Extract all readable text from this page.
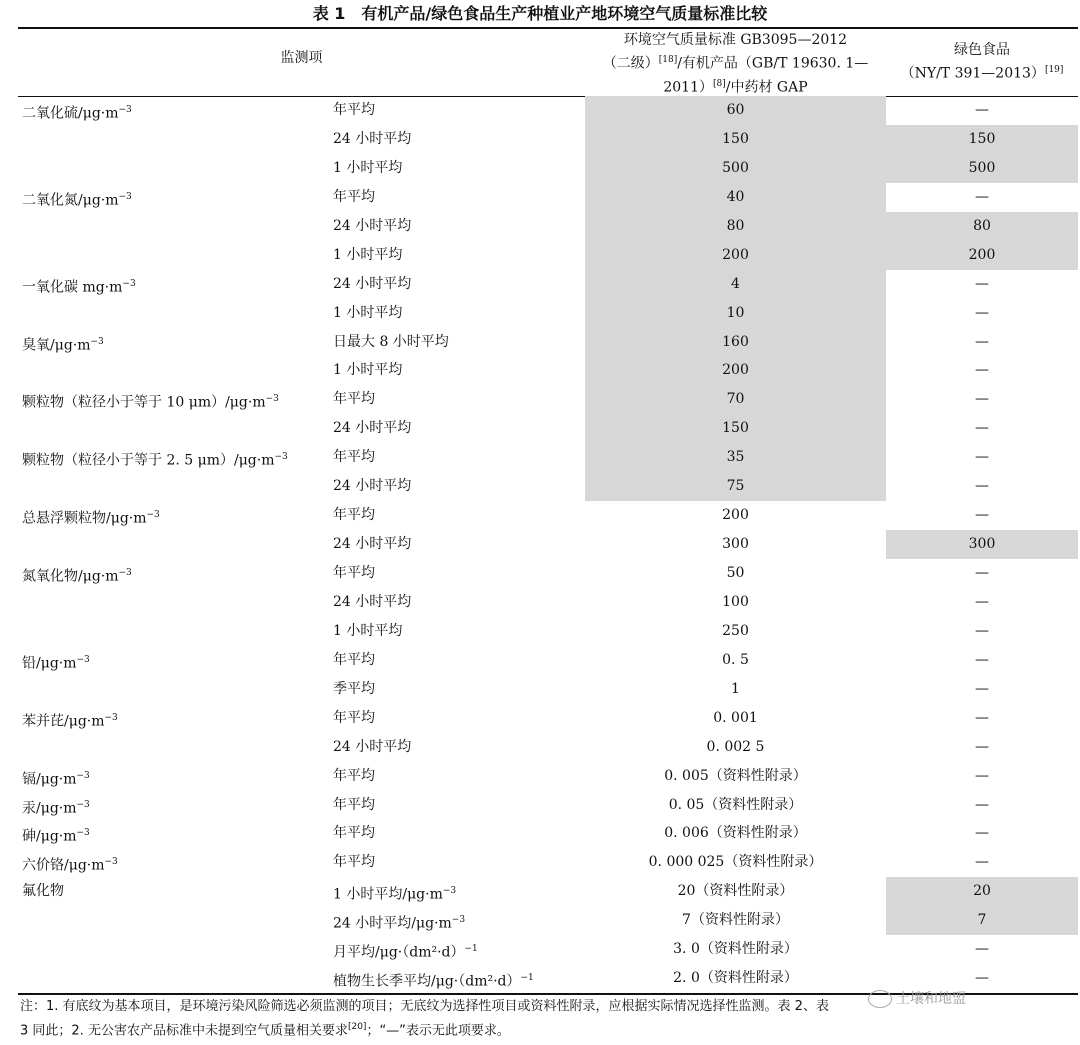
表 1　有机产品/绿色食品生产种植业产地环境空气质量标准比较
监测项
环境空气质量标准 GB3095—2012
（二级）[18]/有机产品（GB/T 19630. 1—
2011）[8]/中药材 GAP
绿色食品
（NY/T 391—2013）[19]
二氧化硫$/\mu g\cdot m^{-3}$	年平均	60	—
24 小时平均	150	150
1 小时平均	500	500
二氧化氮$/\mu g\cdot m^{-3}$	年平均	40	—
24 小时平均	80	80
1 小时平均	200	200
一氧化碳 $mg\cdot m^{-3}$	24 小时平均	4	—
1 小时平均	10	—
臭氧$/\mu g\cdot m^{-3}$	日最大 8 小时平均	160	—
1 小时平均	200	—
颗粒物（粒径小于等于 10 $\mu m)/\mu g\cdot m^{-3}$	年平均	70	—
24 小时平均	150	—
颗粒物（粒径小于等于 2. 5 $\mu m)/\mu g\cdot m^{-3}$	年平均	35	—
24 小时平均	75	—
总悬浮颗粒物$/\mu g\cdot m^{-3}$	年平均	200	—
24 小时平均	300	300
氮氧化物$/\mu g\cdot m^{-3}$	年平均	50	—
24 小时平均	100	—
1 小时平均	250	—
铅$/\mu g\cdot m^{-3}$	年平均	0. 5	—
季平均	1	—
苯并芘$/\mu g\cdot m^{-3}$	年平均	0. 001	—
24 小时平均	0. 002 5	—
镉$/\mu g\cdot m^{-3}$	年平均	0. 005（资料性附录）	—
汞$/\mu g\cdot m^{-3}$	年平均	0. 05（资料性附录）	—
砷$/\mu g\cdot m^{-3}$	年平均	0. 006（资料性附录）	—
六价铬$/\mu g\cdot m^{-3}$	年平均	0. 000 025（资料性附录）	—
氟化物	1 小时平均$/\mu g\cdot m^{-3}$	20（资料性附录）	20
24 小时平均$/\mu g\cdot m^{-3}$	7（资料性附录）	7
月平均$/\mu g\cdot(dm^2\cdot d)^{-1}$	3. 0（资料性附录）	—
植物生长季平均$/\mu g\cdot(dm^2\cdot d)^{-1}$	2. 0（资料性附录）	—
注：1. 有底纹为基本项目，是环境污染风险筛选必须监测的项目；无底纹为选择性项目或资料性附录，应根据实际情况选择性监测。表 2、表
3 同此；2. 无公害农产品标准中未提到空气质量相关要求[20]；“—”表示无此项要求。
土壤和地盟
